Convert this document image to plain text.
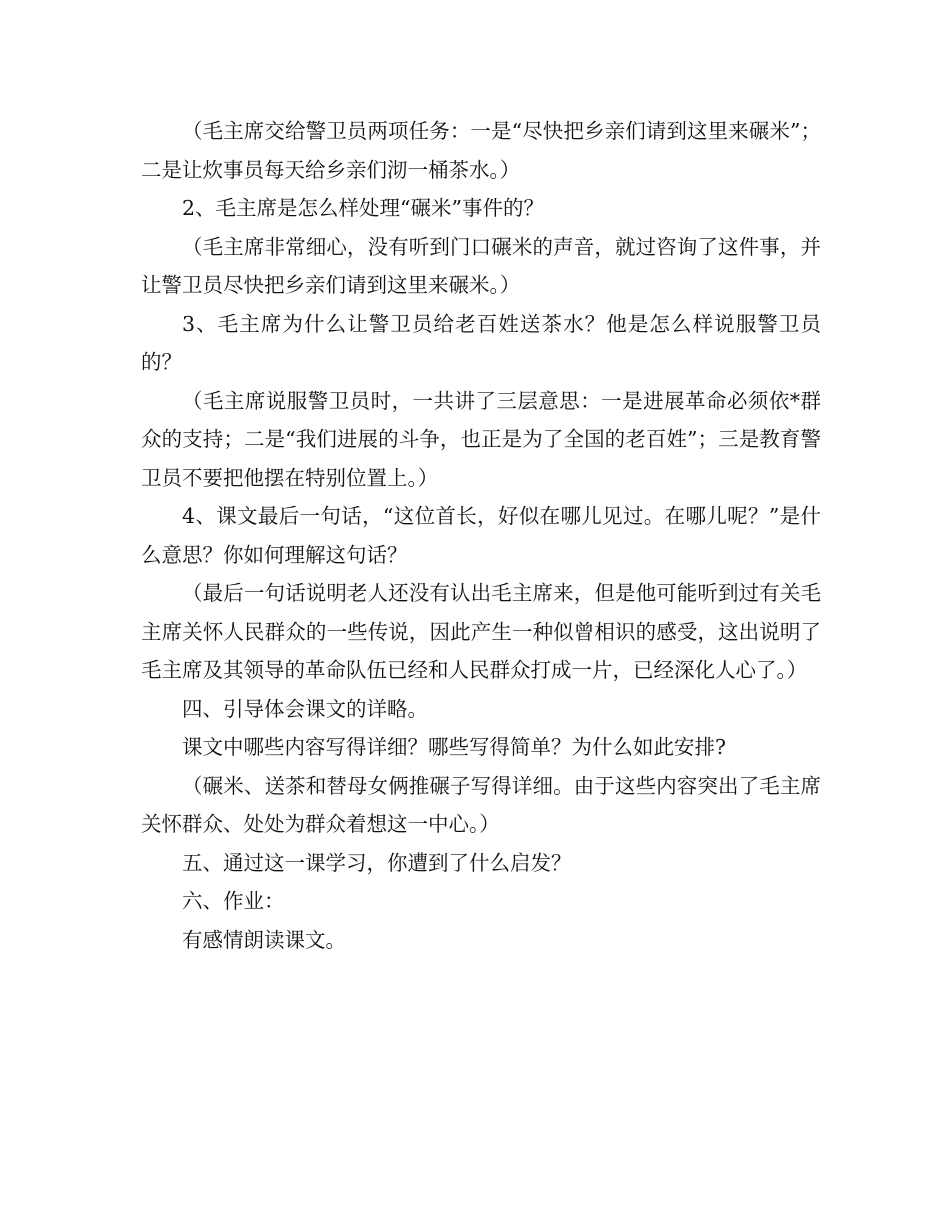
（毛主席交给警卫员两项任务：一是“尽快把乡亲们请到这里来碾米”；二是让炊事员每天给乡亲们沏一桶茶水。）

2、毛主席是怎么样处理“碾米”事件的？

（毛主席非常细心，没有听到门口碾米的声音，就过咨询了这件事，并让警卫员尽快把乡亲们请到这里来碾米。）

3、毛主席为什么让警卫员给老百姓送茶水？他是怎么样说服警卫员的？

（毛主席说服警卫员时，一共讲了三层意思：一是进展革命必须依*群众的支持；二是“我们进展的斗争，也正是为了全国的老百姓”；三是教育警卫员不要把他摆在特别位置上。）

4、课文最后一句话，“这位首长，好似在哪儿见过。在哪儿呢？”是什么意思？你如何理解这句话？

（最后一句话说明老人还没有认出毛主席来，但是他可能听到过有关毛主席关怀人民群众的一些传说，因此产生一种似曾相识的感受，这出说明了毛主席及其领导的革命队伍已经和人民群众打成一片，已经深化人心了。）

四、引导体会课文的详略。

课文中哪些内容写得详细？哪些写得简单？为什么如此安排?

（碾米、送茶和替母女俩推碾子写得详细。由于这些内容突出了毛主席关怀群众、处处为群众着想这一中心。）

五、通过这一课学习，你遭到了什么启发？

六、作业：

有感情朗读课文。
